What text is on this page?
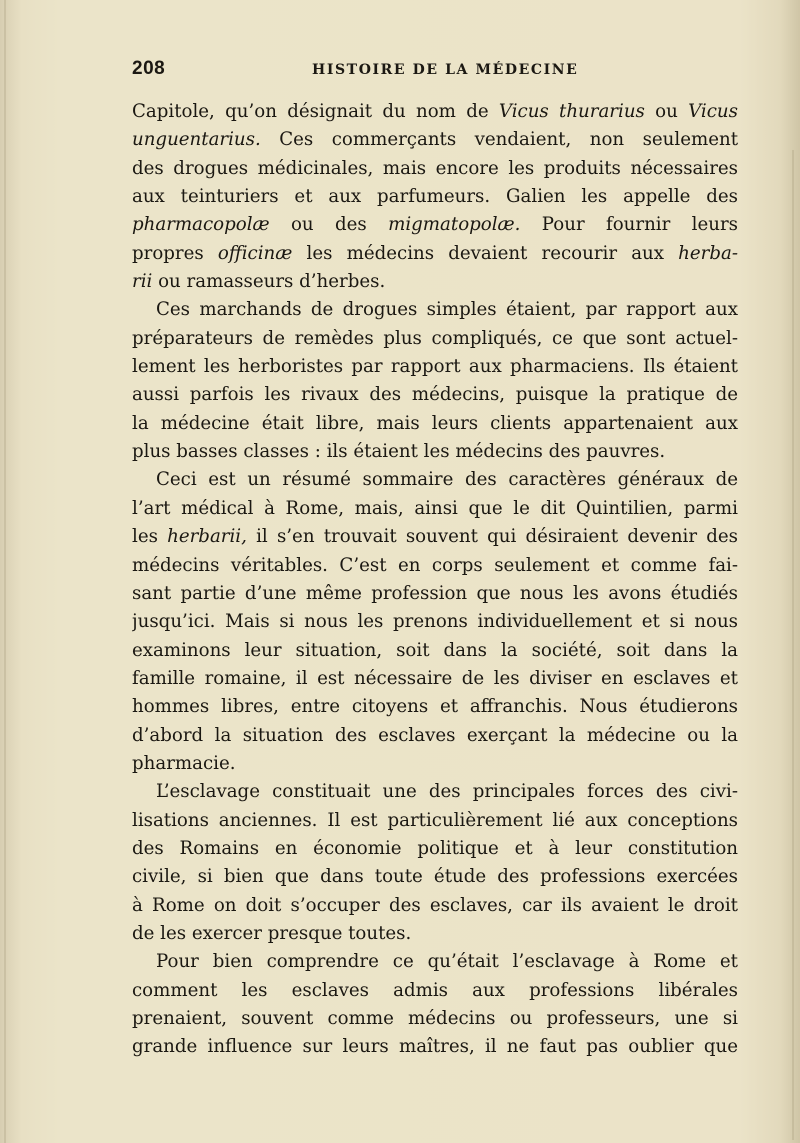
208	HISTOIRE DE LA MÉDECINE
Capitole, qu’on désignait du nom de Vicus thurarius ou Vicus
unguentarius. Ces commerçants vendaient, non seulement
des drogues médicinales, mais encore les produits nécessaires
aux teinturiers et aux parfumeurs. Galien les appelle des
pharmacopolæ ou des migmatopolæ. Pour fournir leurs
propres officinæ les médecins devaient recourir aux herba-
rii ou ramasseurs d’herbes.
Ces marchands de drogues simples étaient, par rapport aux
préparateurs de remèdes plus compliqués, ce que sont actuel-
lement les herboristes par rapport aux pharmaciens. Ils étaient
aussi parfois les rivaux des médecins, puisque la pratique de
la médecine était libre, mais leurs clients appartenaient aux
plus basses classes : ils étaient les médecins des pauvres.
Ceci est un résumé sommaire des caractères généraux de
l’art médical à Rome, mais, ainsi que le dit Quintilien, parmi
les herbarii, il s’en trouvait souvent qui désiraient devenir des
médecins véritables. C’est en corps seulement et comme fai-
sant partie d’une même profession que nous les avons étudiés
jusqu’ici. Mais si nous les prenons individuellement et si nous
examinons leur situation, soit dans la société, soit dans la
famille romaine, il est nécessaire de les diviser en esclaves et
hommes libres, entre citoyens et affranchis. Nous étudierons
d’abord la situation des esclaves exerçant la médecine ou la
pharmacie.
L’esclavage constituait une des principales forces des civi-
lisations anciennes. Il est particulièrement lié aux conceptions
des Romains en économie politique et à leur constitution
civile, si bien que dans toute étude des professions exercées
à Rome on doit s’occuper des esclaves, car ils avaient le droit
de les exercer presque toutes.
Pour bien comprendre ce qu’était l’esclavage à Rome et
comment les esclaves admis aux professions libérales
prenaient, souvent comme médecins ou professeurs, une si
grande influence sur leurs maîtres, il ne faut pas oublier que
